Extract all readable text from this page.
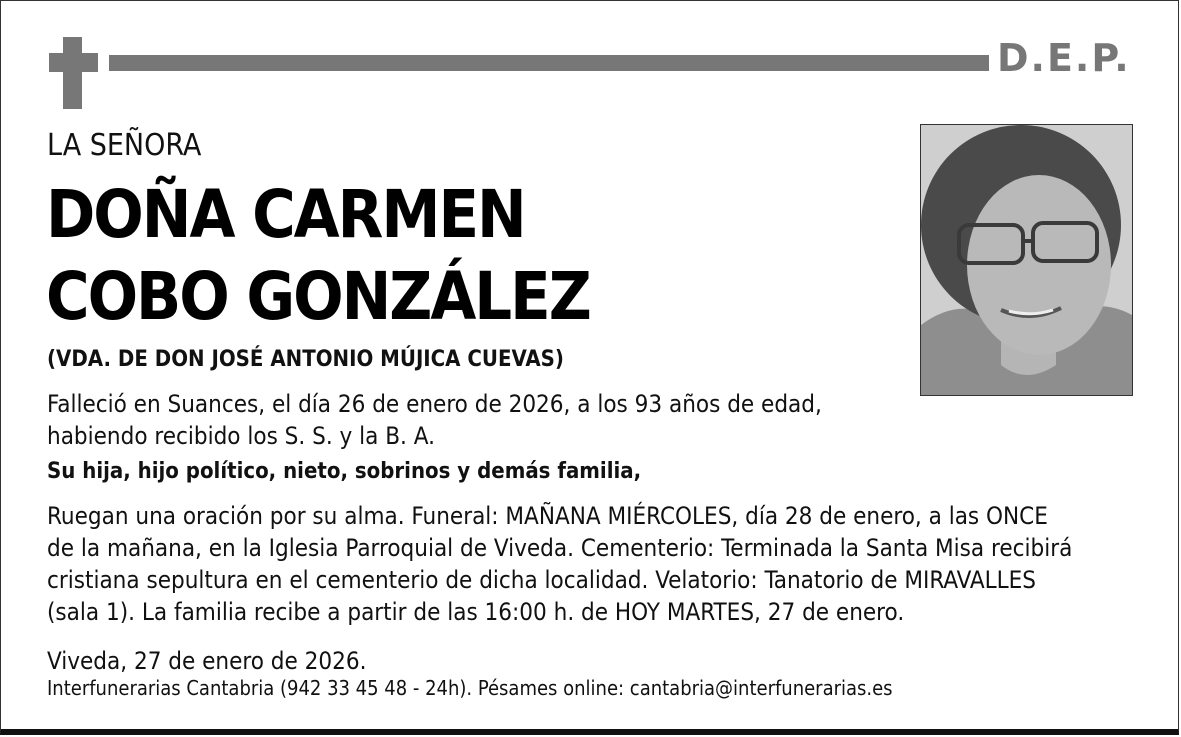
D.E.P.
LA SEÑORA
DOÑA CARMEN
COBO GONZÁLEZ
(VDA. DE DON JOSÉ ANTONIO MÚJICA CUEVAS)
Falleció en Suances, el día 26 de enero de 2026, a los 93 años de edad,
habiendo recibido los S. S. y la B. A.
Su hija, hijo político, nieto, sobrinos y demás familia,
Ruegan una oración por su alma. Funeral: MAÑANA MIÉRCOLES, día 28 de enero, a las ONCE
de la mañana, en la Iglesia Parroquial de Viveda. Cementerio: Terminada la Santa Misa recibirá
cristiana sepultura en el cementerio de dicha localidad. Velatorio: Tanatorio de MIRAVALLES
(sala 1). La familia recibe a partir de las 16:00 h. de HOY MARTES, 27 de enero.
Viveda, 27 de enero de 2026.
Interfunerarias Cantabria (942 33 45 48 - 24h). Pésames online: cantabria@interfunerarias.es
